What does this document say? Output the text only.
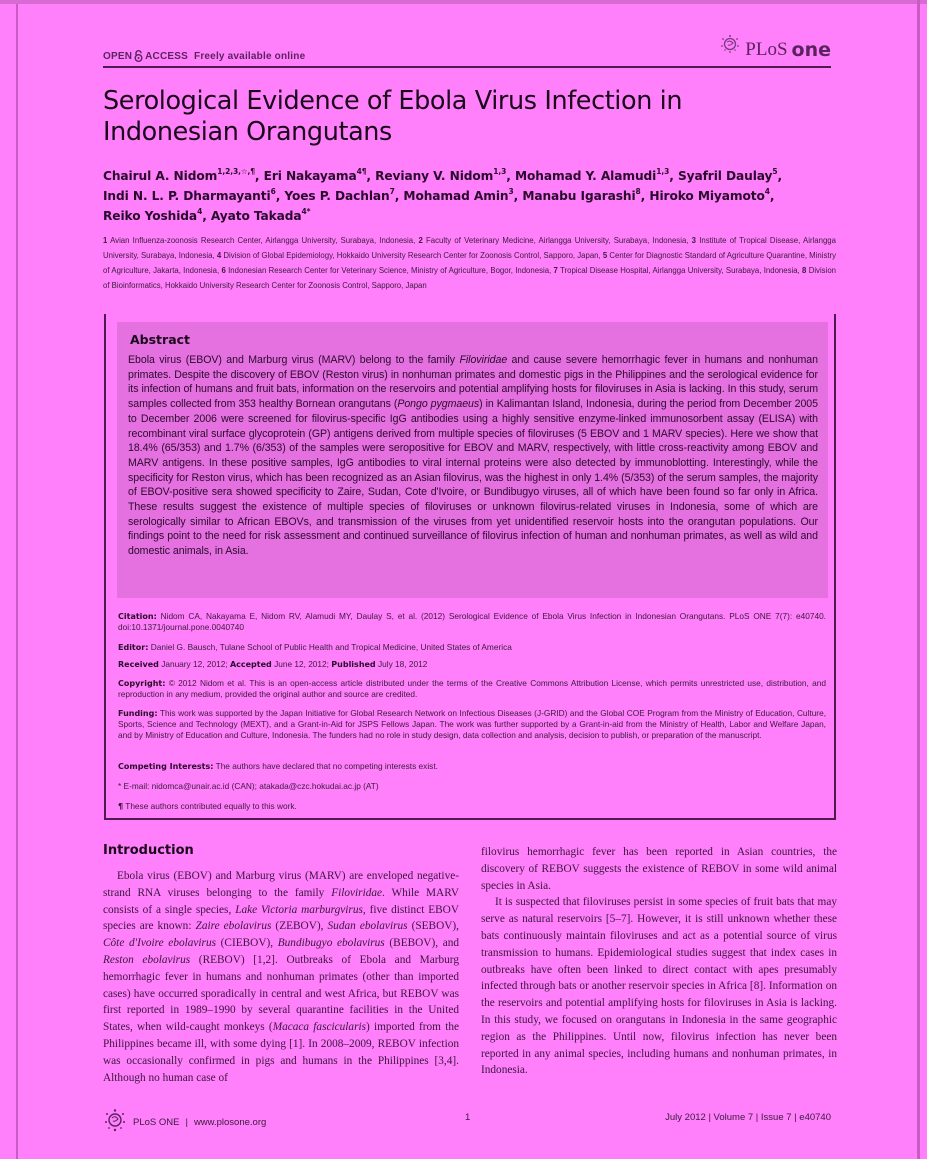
OPEN ACCESS Freely available online	PLoS one
Serological Evidence of Ebola Virus Infection in
Indonesian Orangutans
Chairul A. Nidom$^{1,2,3,☆,\P}$, Eri Nakayama$^{4\P}$, Reviany V. Nidom$^{1,3}$, Mohamad Y. Alamudi$^{1,3}$, Syafril Daulay$^5$,
Indi N. L. P. Dharmayanti$^6$, Yoes P. Dachlan$^7$, Mohamad Amin$^3$, Manabu Igarashi$^8$, Hiroko Miyamoto$^4$,
Reiko Yoshida$^4$, Ayato Takada$^{4*}$
1 Avian Influenza-zoonosis Research Center, Airlangga University, Surabaya, Indonesia, 2 Faculty of Veterinary Medicine, Airlangga University, Surabaya, Indonesia, 3 Institute of Tropical Disease, Airlangga University, Surabaya, Indonesia, 4 Division of Global Epidemiology, Hokkaido University Research Center for Zoonosis Control, Sapporo, Japan, 5 Center for Diagnostic Standard of Agriculture Quarantine, Ministry of Agriculture, Jakarta, Indonesia, 6 Indonesian Research Center for Veterinary Science, Ministry of Agriculture, Bogor, Indonesia, 7 Tropical Disease Hospital, Airlangga University, Surabaya, Indonesia, 8 Division of Bioinformatics, Hokkaido University Research Center for Zoonosis Control, Sapporo, Japan
Abstract

Ebola virus (EBOV) and Marburg virus (MARV) belong to the family Filoviridae and cause severe hemorrhagic fever in humans and nonhuman primates. Despite the discovery of EBOV (Reston virus) in nonhuman primates and domestic pigs in the Philippines and the serological evidence for its infection of humans and fruit bats, information on the reservoirs and potential amplifying hosts for filoviruses in Asia is lacking. In this study, serum samples collected from 353 healthy Bornean orangutans (Pongo pygmaeus) in Kalimantan Island, Indonesia, during the period from December 2005 to December 2006 were screened for filovirus-specific IgG antibodies using a highly sensitive enzyme-linked immunosorbent assay (ELISA) with recombinant viral surface glycoprotein (GP) antigens derived from multiple species of filoviruses (5 EBOV and 1 MARV species). Here we show that 18.4% (65/353) and 1.7% (6/353) of the samples were seropositive for EBOV and MARV, respectively, with little cross-reactivity among EBOV and MARV antigens. In these positive samples, IgG antibodies to viral internal proteins were also detected by immunoblotting. Interestingly, while the specificity for Reston virus, which has been recognized as an Asian filovirus, was the highest in only 1.4% (5/353) of the serum samples, the majority of EBOV-positive sera showed specificity to Zaire, Sudan, Cote d'Ivoire, or Bundibugyo viruses, all of which have been found so far only in Africa. These results suggest the existence of multiple species of filoviruses or unknown filovirus-related viruses in Indonesia, some of which are serologically similar to African EBOVs, and transmission of the viruses from yet unidentified reservoir hosts into the orangutan populations. Our findings point to the need for risk assessment and continued surveillance of filovirus infection of human and nonhuman primates, as well as wild and domestic animals, in Asia.

Citation: Nidom CA, Nakayama E, Nidom RV, Alamudi MY, Daulay S, et al. (2012) Serological Evidence of Ebola Virus Infection in Indonesian Orangutans. PLoS ONE 7(7): e40740. doi:10.1371/journal.pone.0040740
Editor: Daniel G. Bausch, Tulane School of Public Health and Tropical Medicine, United States of America
Received January 12, 2012; Accepted June 12, 2012; Published July 18, 2012
Copyright: © 2012 Nidom et al. This is an open-access article distributed under the terms of the Creative Commons Attribution License, which permits unrestricted use, distribution, and reproduction in any medium, provided the original author and source are credited.
Funding: This work was supported by the Japan Initiative for Global Research Network on Infectious Diseases (J-GRID) and the Global COE Program from the Ministry of Education, Culture, Sports, Science and Technology (MEXT), and a Grant-in-Aid for JSPS Fellows Japan. The work was further supported by a Grant-in-aid from the Ministry of Health, Labor and Welfare Japan, and by Ministry of Education and Culture, Indonesia. The funders had no role in study design, data collection and analysis, decision to publish, or preparation of the manuscript.
Competing Interests: The authors have declared that no competing interests exist.
* E-mail: nidomca@unair.ac.id (CAN); atakada@czc.hokudai.ac.jp (AT)
¶ These authors contributed equally to this work.
Introduction

Ebola virus (EBOV) and Marburg virus (MARV) are enveloped negative-strand RNA viruses belonging to the family Filoviridae. While MARV consists of a single species, Lake Victoria marburgvirus, five distinct EBOV species are known: Zaire ebolavirus (ZEBOV), Sudan ebolavirus (SEBOV), Côte d'Ivoire ebolavirus (CIEBOV), Bundibugyo ebolavirus (BEBOV), and Reston ebolavirus (REBOV) [1,2]. Outbreaks of Ebola and Marburg hemorrhagic fever in humans and nonhuman primates (other than imported cases) have occurred sporadically in central and west Africa, but REBOV was first reported in 1989–1990 by several quarantine facilities in the United States, when wild-caught monkeys (Macaca fascicularis) imported from the Philippines became ill, with some dying [1]. In 2008–2009, REBOV infection was occasionally confirmed in pigs and humans in the Philippines [3,4]. Although no human case of

filovirus hemorrhagic fever has been reported in Asian countries, the discovery of REBOV suggests the existence of REBOV in some wild animal species in Asia.

It is suspected that filoviruses persist in some species of fruit bats that may serve as natural reservoirs [5–7]. However, it is still unknown whether these bats continuously maintain filoviruses and act as a potential source of virus transmission to humans. Epidemiological studies suggest that index cases in outbreaks have often been linked to direct contact with apes presumably infected through bats or another reservoir species in Africa [8]. Information on the reservoirs and potential amplifying hosts for filoviruses in Asia is lacking. In this study, we focused on orangutans in Indonesia in the same geographic region as the Philippines. Until now, filovirus infection has never been reported in any animal species, including humans and nonhuman primates, in Indonesia.

PLoS ONE | www.plosone.org	1	July 2012 | Volume 7 | Issue 7 | e40740
